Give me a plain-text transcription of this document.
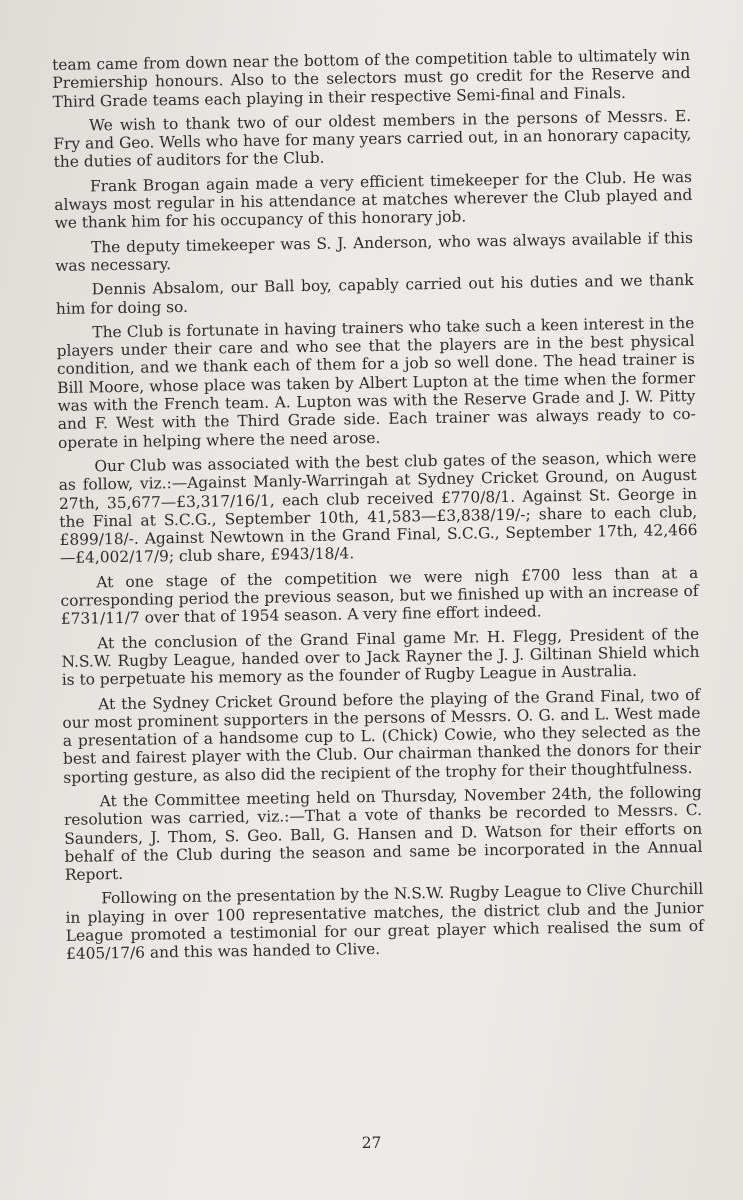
team came from down near the bottom of the competition table to ultimately win Premiership honours. Also to the selectors must go credit for the Reserve and Third Grade teams each playing in their respective Semi-final and Finals.

We wish to thank two of our oldest members in the persons of Messrs. E. Fry and Geo. Wells who have for many years carried out, in an honorary capacity, the duties of auditors for the Club.

Frank Brogan again made a very efficient timekeeper for the Club. He was always most regular in his attendance at matches wherever the Club played and we thank him for his occupancy of this honorary job.

The deputy timekeeper was S. J. Anderson, who was always available if this was necessary.

Dennis Absalom, our Ball boy, capably carried out his duties and we thank him for doing so.

The Club is fortunate in having trainers who take such a keen interest in the players under their care and who see that the players are in the best physical condition, and we thank each of them for a job so well done. The head trainer is Bill Moore, whose place was taken by Albert Lupton at the time when the former was with the French team. A. Lupton was with the Reserve Grade and J. W. Pitty and F. West with the Third Grade side. Each trainer was always ready to co-operate in helping where the need arose.

Our Club was associated with the best club gates of the season, which were as follow, viz.:—Against Manly-Warringah at Sydney Cricket Ground, on August 27th, 35,677—£3,317/16/1, each club received £770/8/1. Against St. George in the Final at S.C.G., September 10th, 41,583—£3,838/19/-; share to each club, £899/18/-. Against Newtown in the Grand Final, S.C.G., September 17th, 42,466—£4,002/17/9; club share, £943/18/4.

At one stage of the competition we were nigh £700 less than at a corresponding period the previous season, but we finished up with an increase of £731/11/7 over that of 1954 season. A very fine effort indeed.

At the conclusion of the Grand Final game Mr. H. Flegg, President of the N.S.W. Rugby League, handed over to Jack Rayner the J. J. Giltinan Shield which is to perpetuate his memory as the founder of Rugby League in Australia.

At the Sydney Cricket Ground before the playing of the Grand Final, two of our most prominent supporters in the persons of Messrs. O. G. and L. West made a presentation of a handsome cup to L. (Chick) Cowie, who they selected as the best and fairest player with the Club. Our chairman thanked the donors for their sporting gesture, as also did the recipient of the trophy for their thoughtfulness.

At the Committee meeting held on Thursday, November 24th, the following resolution was carried, viz.:—That a vote of thanks be recorded to Messrs. C. Saunders, J. Thom, S. Geo. Ball, G. Hansen and D. Watson for their efforts on behalf of the Club during the season and same be incorporated in the Annual Report.

Following on the presentation by the N.S.W. Rugby League to Clive Churchill in playing in over 100 representative matches, the district club and the Junior League promoted a testimonial for our great player which realised the sum of £405/17/6 and this was handed to Clive.

27
